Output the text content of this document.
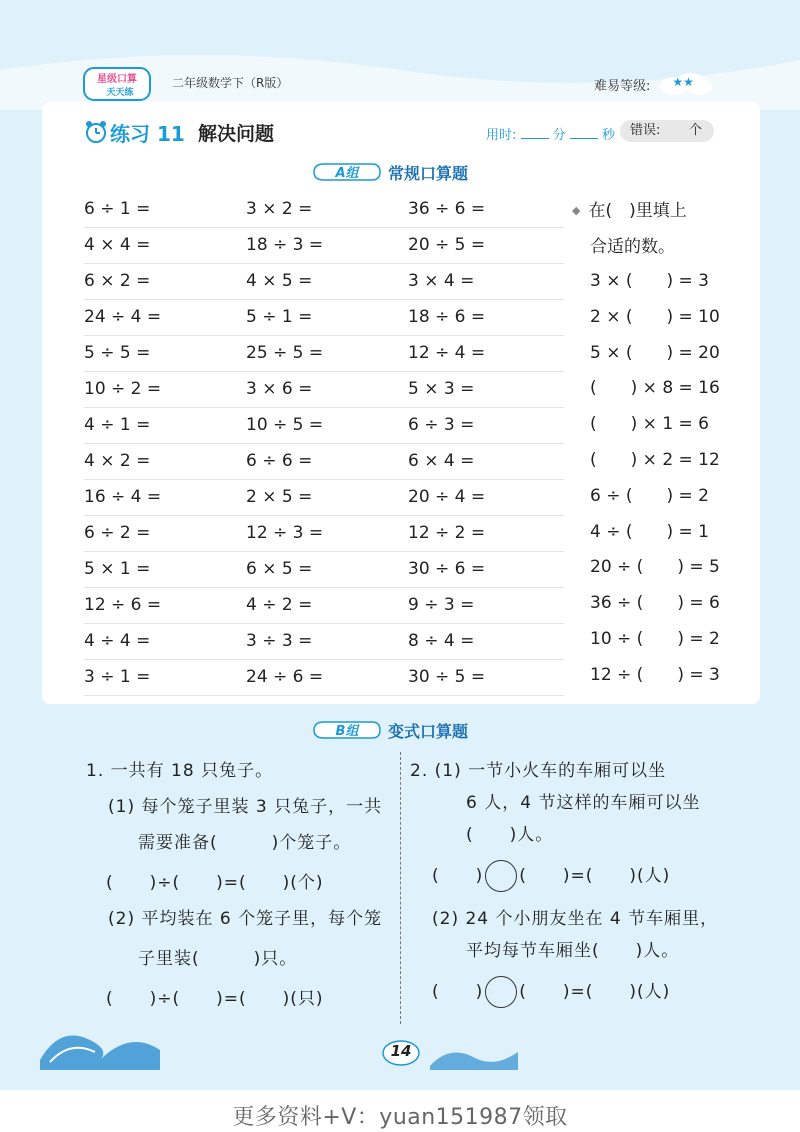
星级口算
天天练
二年级数学下（R版）	难易等级: ★★
练习 11 解决问题	用时:	分	秒 错误: 个
A组 常规口算题
6 ÷ 1 =	3 × 2 =	36 ÷ 6 =
4 × 4 =	18 ÷ 3 =	20 ÷ 5 =
6 × 2 =	4 × 5 =	3 × 4 =
24 ÷ 4 =	5 ÷ 1 =	18 ÷ 6 =
5 ÷ 5 =	25 ÷ 5 =	12 ÷ 4 =
10 ÷ 2 =	3 × 6 =	5 × 3 =
4 ÷ 1 =	10 ÷ 5 =	6 ÷ 3 =
4 × 2 =	6 ÷ 6 =	6 × 4 =
16 ÷ 4 =	2 × 5 =	20 ÷ 4 =
6 ÷ 2 =	12 ÷ 3 =	12 ÷ 2 =
5 × 1 =	6 × 5 =	30 ÷ 6 =
12 ÷ 6 =	4 ÷ 2 =	9 ÷ 3 =
4 ÷ 4 =	3 ÷ 3 =	8 ÷ 4 =
3 ÷ 1 =	24 ÷ 6 =	30 ÷ 5 =
◆ 在(　)里填上
合适的数。
3 × (　　) = 3
2 × (　　) = 10
5 × (　　) = 20
(　　) × 8 = 16
(　　) × 1 = 6
(　　) × 2 = 12
6 ÷ (　　) = 2
4 ÷ (　　) = 1
20 ÷ (　　) = 5
36 ÷ (　　) = 6
10 ÷ (　　) = 2
12 ÷ (　　) = 3
B组 变式口算题
1. 一共有 18 只兔子。
(1) 每个笼子里装 3 只兔子，一共
需要准备(　　　)个笼子。
(　　)÷(　　)=(　　)(个)
(2) 平均装在 6 个笼子里，每个笼
子里装(　　　)只。
(　　)÷(　　)=(　　)(只)
2. (1) 一节小火车的车厢可以坐
6 人，4 节这样的车厢可以坐
(　　)人。
(　　) (　　)=(　　)(人)
(2) 24 个小朋友坐在 4 节车厢里，
平均每节车厢坐(　　)人。
(　　) (　　)=(　　)(人)
14
更多资料+V：yuan151987领取
